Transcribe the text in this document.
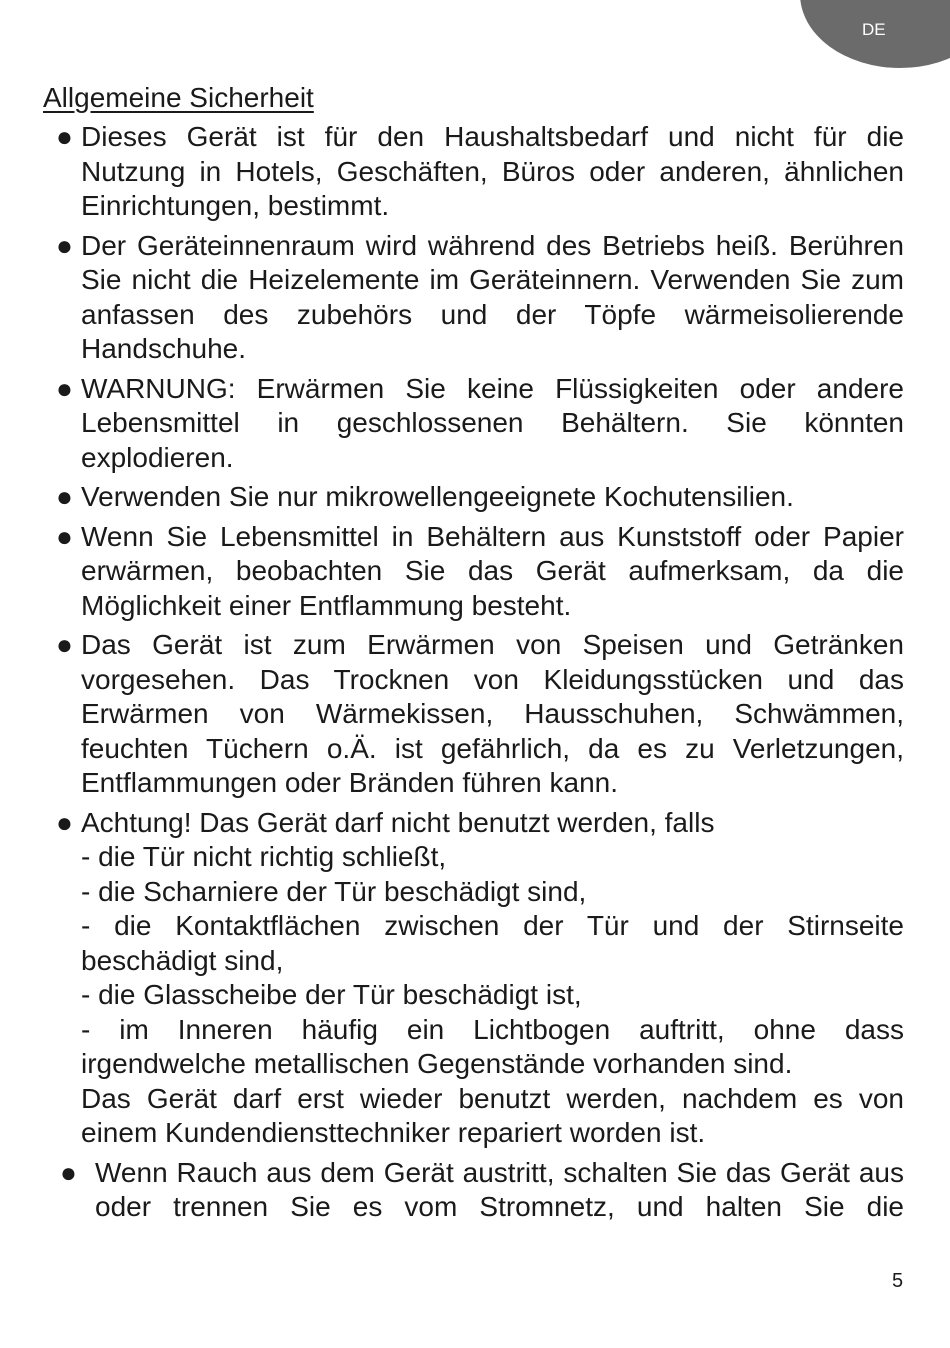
DE
Allgemeine Sicherheit
● Dieses Gerät ist für den Haushaltsbedarf und nicht für die Nutzung in Hotels, Geschäften, Büros oder anderen, ähnlichen Einrichtungen, bestimmt.
● Der Geräteinnenraum wird während des Betriebs heiß. Berühren Sie nicht die Heizelemente im Geräteinnern. Verwenden Sie zum anfassen des zubehörs und der Töpfe wärmeisolierende Handschuhe.
● WARNUNG: Erwärmen Sie keine Flüssigkeiten oder andere Lebensmittel in geschlossenen Behältern. Sie könnten explodieren.
● Verwenden Sie nur mikrowellengeeignete Kochutensilien.
● Wenn Sie Lebensmittel in Behältern aus Kunststoff oder Papier erwärmen, beobachten Sie das Gerät aufmerksam, da die Möglichkeit einer Entflammung besteht.
● Das Gerät ist zum Erwärmen von Speisen und Getränken vorgesehen. Das Trocknen von Kleidungsstücken und das Erwärmen von Wärmekissen, Hausschuhen, Schwämmen, feuchten Tüchern o.Ä. ist gefährlich, da es zu Verletzungen, Entflammungen oder Bränden führen kann.
● Achtung! Das Gerät darf nicht benutzt werden, falls
- die Tür nicht richtig schließt,
- die Scharniere der Tür beschädigt sind,
- die Kontaktflächen zwischen der Tür und der Stirnseite beschädigt sind,
- die Glasscheibe der Tür beschädigt ist,
- im Inneren häufig ein Lichtbogen auftritt, ohne dass irgendwelche metallischen Gegenstände vorhanden sind.
Das Gerät darf erst wieder benutzt werden, nachdem es von einem Kundendiensttechniker repariert worden ist.
● Wenn Rauch aus dem Gerät austritt, schalten Sie das Gerät aus oder trennen Sie es vom Stromnetz, und halten Sie die
5
